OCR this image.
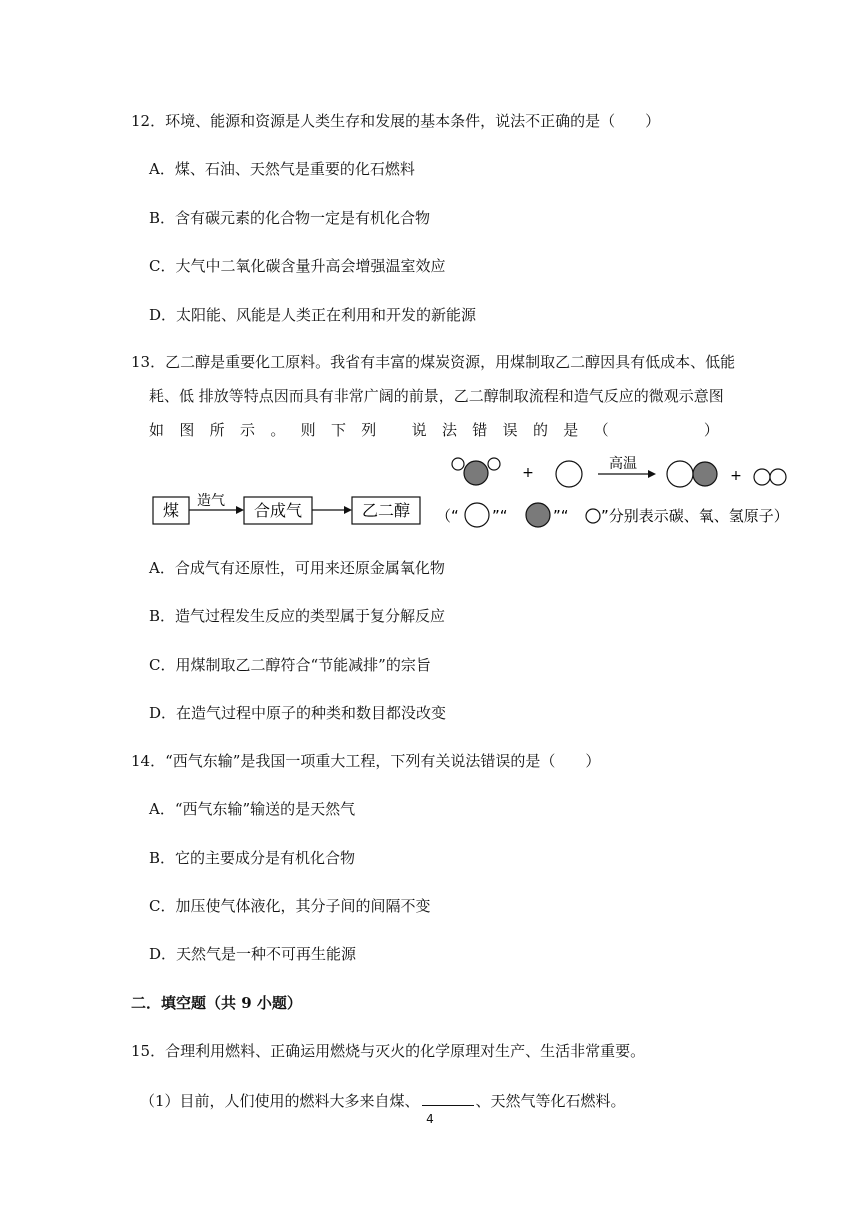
12．环境、能源和资源是人类生存和发展的基本条件，说法不正确的是（　　）
A．煤、石油、天然气是重要的化石燃料
B．含有碳元素的化合物一定是有机化合物
C．大气中二氧化碳含量升高会增强温室效应
D．太阳能、风能是人类正在利用和开发的新能源
13．乙二醇是重要化工原料。我省有丰富的煤炭资源，用煤制取乙二醇因具有低成本、低能
耗、低 排放等特点因而具有非常广阔的前景，乙二醇制取流程和造气反应的微观示意图
如 图 所 示 。 则 下 列 说 法 错 误 的 是 （	）
煤 造气 合成气	乙二醇
+
高温
+
（“ ”“	”“ ”分别表示碳、氧、氢原子）
A．合成气有还原性，可用来还原金属氧化物
B．造气过程发生反应的类型属于复分解反应
C．用煤制取乙二醇符合“节能减排”的宗旨
D．在造气过程中原子的种类和数目都没改变
14．“西气东输”是我国一项重大工程，下列有关说法错误的是（　　）
A．“西气东输”输送的是天然气
B．它的主要成分是有机化合物
C．加压使气体液化，其分子间的间隔不变
D．天然气是一种不可再生能源
二．填空题（共 9 小题）
15．合理利用燃料、正确运用燃烧与灭火的化学原理对生产、生活非常重要。
（1）目前，人们使用的燃料大多来自煤、	、天然气等化石燃料。
4
